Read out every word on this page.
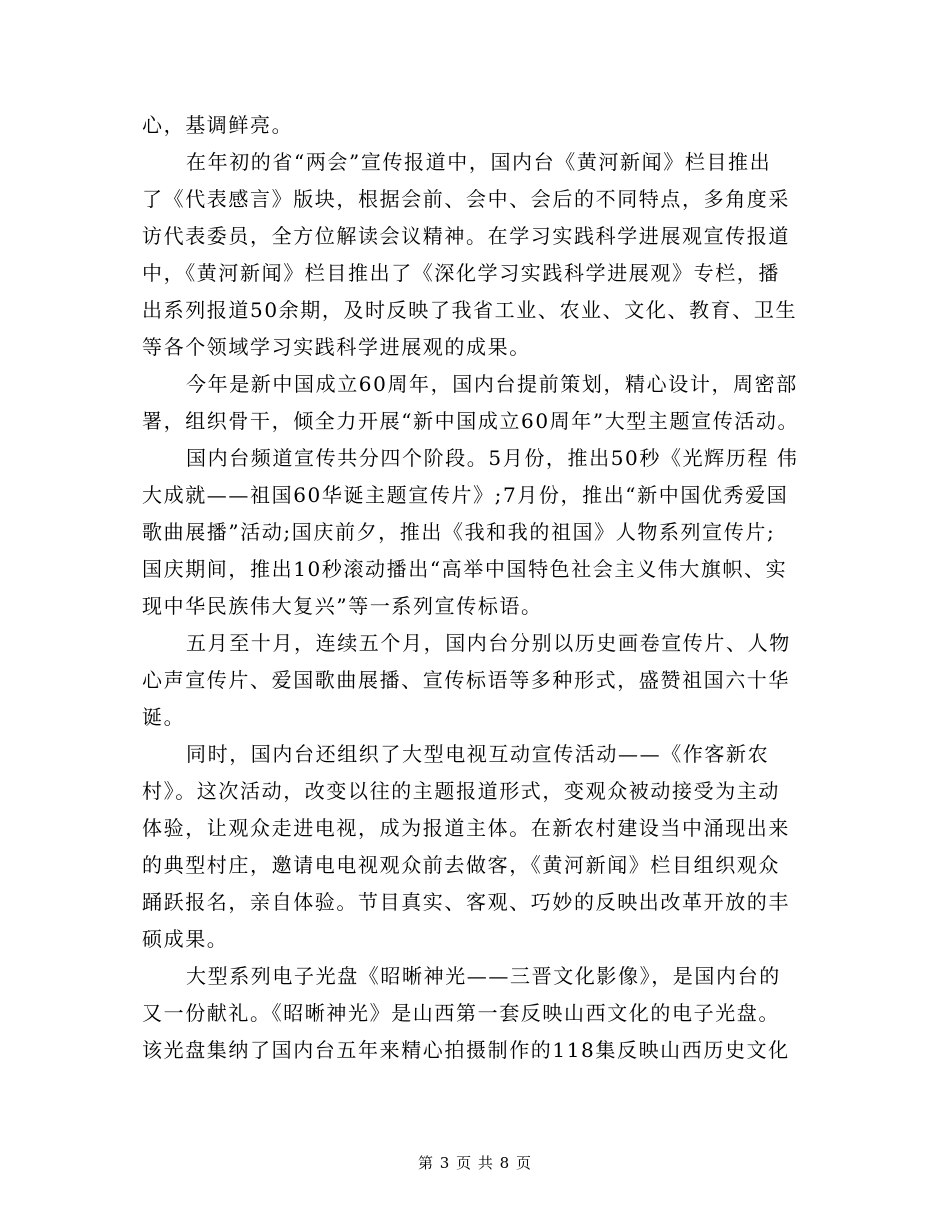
心，基调鲜亮。
在年初的省“两会”宣传报道中，国内台《黄河新闻》栏目推出
了《代表感言》版块，根据会前、会中、会后的不同特点，多角度采
访代表委员，全方位解读会议精神。在学习实践科学进展观宣传报道
中，《黄河新闻》栏目推出了《深化学习实践科学进展观》专栏，播
出系列报道50余期，及时反映了我省工业、农业、文化、教育、卫生
等各个领域学习实践科学进展观的成果。
今年是新中国成立60周年，国内台提前策划，精心设计，周密部
署，组织骨干，倾全力开展“新中国成立60周年”大型主题宣传活动。
国内台频道宣传共分四个阶段。5月份，推出50秒《光辉历程 伟
大成就——祖国60华诞主题宣传片》;7月份，推出“新中国优秀爱国
歌曲展播”活动;国庆前夕，推出《我和我的祖国》人物系列宣传片;
国庆期间，推出10秒滚动播出“高举中国特色社会主义伟大旗帜、实
现中华民族伟大复兴”等一系列宣传标语。
五月至十月，连续五个月，国内台分别以历史画卷宣传片、人物
心声宣传片、爱国歌曲展播、宣传标语等多种形式，盛赞祖国六十华
诞。
同时，国内台还组织了大型电视互动宣传活动——《作客新农
村》。这次活动，改变以往的主题报道形式，变观众被动接受为主动
体验，让观众走进电视，成为报道主体。在新农村建设当中涌现出来
的典型村庄，邀请电电视观众前去做客，《黄河新闻》栏目组织观众
踊跃报名，亲自体验。节目真实、客观、巧妙的反映出改革开放的丰
硕成果。
大型系列电子光盘《昭晰神光——三晋文化影像》，是国内台的
又一份献礼。《昭晰神光》是山西第一套反映山西文化的电子光盘。
该光盘集纳了国内台五年来精心拍摄制作的118集反映山西历史文化
第 3 页 共 8 页
